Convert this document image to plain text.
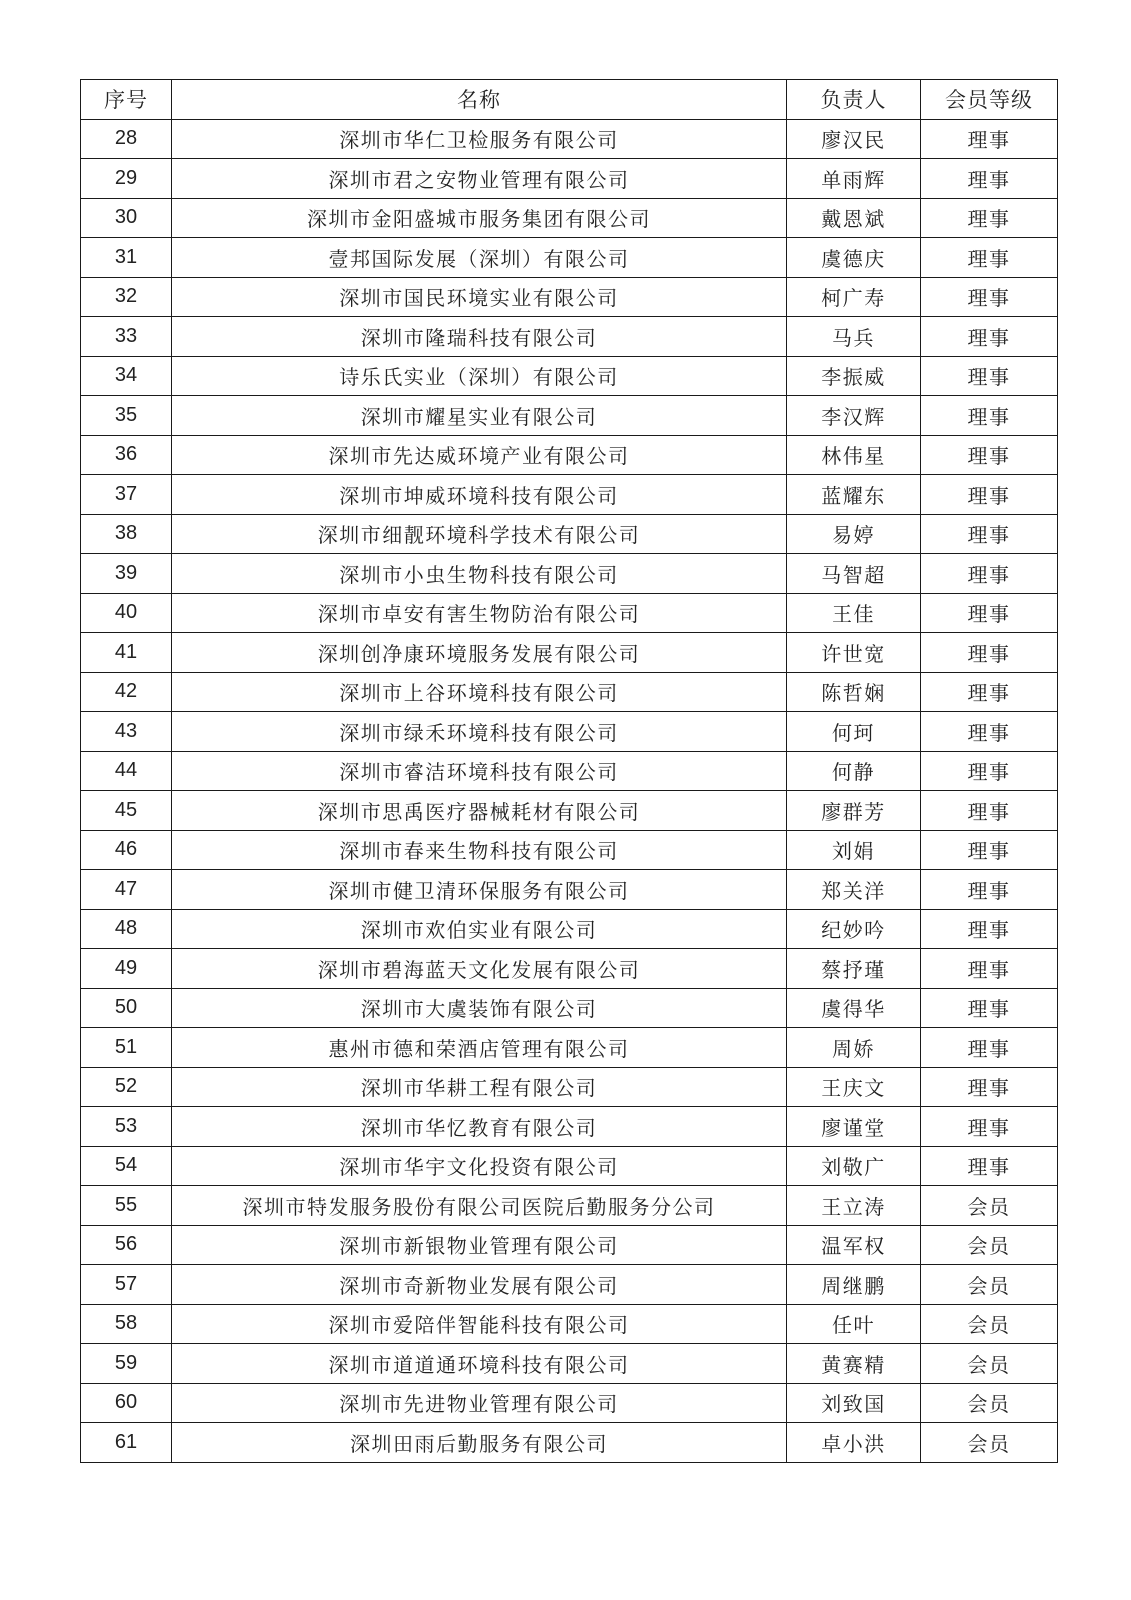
序号	名称	负责人	会员等级
28	深圳市华仁卫检服务有限公司	廖汉民	理事
29	深圳市君之安物业管理有限公司	单雨辉	理事
30	深圳市金阳盛城市服务集团有限公司	戴恩斌	理事
31	壹邦国际发展（深圳）有限公司	虞德庆	理事
32	深圳市国民环境实业有限公司	柯广寿	理事
33	深圳市隆瑞科技有限公司	马兵	理事
34	诗乐氏实业（深圳）有限公司	李振威	理事
35	深圳市耀星实业有限公司	李汉辉	理事
36	深圳市先达威环境产业有限公司	林伟星	理事
37	深圳市坤威环境科技有限公司	蓝耀东	理事
38	深圳市细靓环境科学技术有限公司	易婷	理事
39	深圳市小虫生物科技有限公司	马智超	理事
40	深圳市卓安有害生物防治有限公司	王佳	理事
41	深圳创净康环境服务发展有限公司	许世宽	理事
42	深圳市上谷环境科技有限公司	陈哲娴	理事
43	深圳市绿禾环境科技有限公司	何珂	理事
44	深圳市睿洁环境科技有限公司	何静	理事
45	深圳市思禹医疗器械耗材有限公司	廖群芳	理事
46	深圳市春来生物科技有限公司	刘娟	理事
47	深圳市健卫清环保服务有限公司	郑关洋	理事
48	深圳市欢伯实业有限公司	纪妙吟	理事
49	深圳市碧海蓝天文化发展有限公司	蔡抒瑾	理事
50	深圳市大虞装饰有限公司	虞得华	理事
51	惠州市德和荣酒店管理有限公司	周娇	理事
52	深圳市华耕工程有限公司	王庆文	理事
53	深圳市华忆教育有限公司	廖谨堂	理事
54	深圳市华宇文化投资有限公司	刘敬广	理事
55	深圳市特发服务股份有限公司医院后勤服务分公司	王立涛	会员
56	深圳市新银物业管理有限公司	温军权	会员
57	深圳市奇新物业发展有限公司	周继鹏	会员
58	深圳市爱陪伴智能科技有限公司	任叶	会员
59	深圳市道道通环境科技有限公司	黄赛精	会员
60	深圳市先进物业管理有限公司	刘致国	会员
61	深圳田雨后勤服务有限公司	卓小洪	会员
